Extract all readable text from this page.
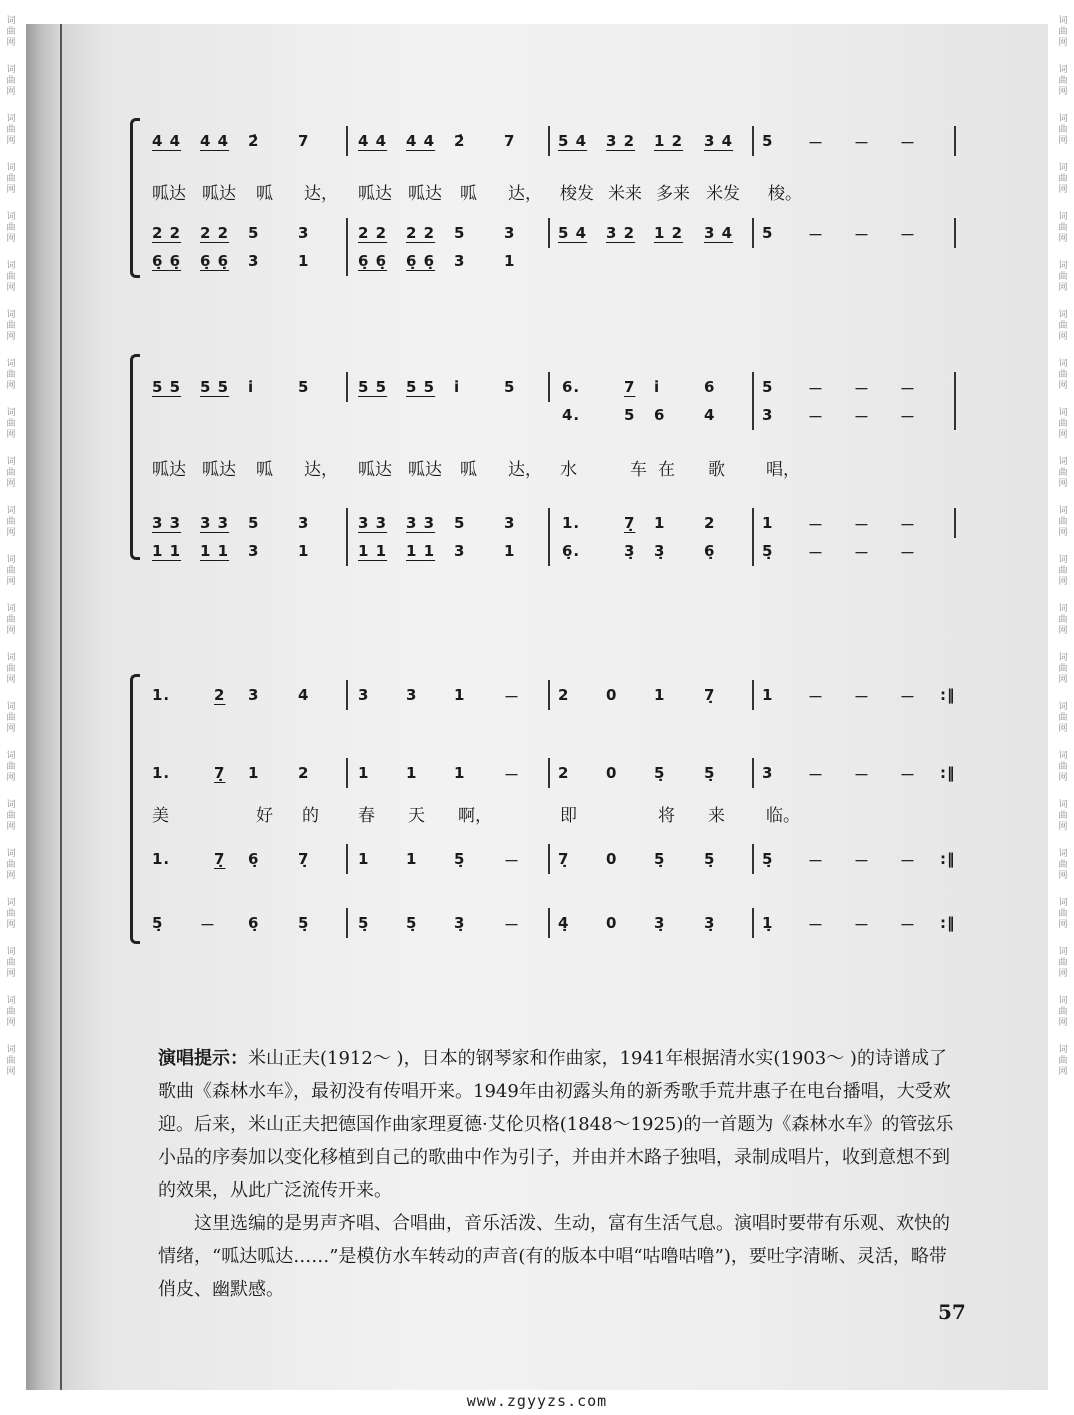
词曲网
词曲网
词曲网
词曲网
词曲网
词曲网
词曲网
词曲网
词曲网
词曲网
词曲网
词曲网
词曲网
词曲网
词曲网
词曲网
词曲网
词曲网
词曲网
词曲网
词曲网
词曲网
词曲网
词曲网
词曲网
词曲网
词曲网
词曲网
词曲网
词曲网
词曲网
词曲网
词曲网
词曲网
词曲网
词曲网
词曲网
词曲网
词曲网
词曲网
词曲网
词曲网
词曲网
词曲网
4 4 4 4 2̇	7	4 4 4 4 2̇	7	5 4 3 2 1 2 3 4 5 － － －
呱达 呱达 呱 达， 呱达 呱达 呱 达， 梭发 米来 多来 米发 梭。
2 2 2 2 5	3	2 2 2 2 5	3	5 4 3 2 1 2 3 4 5 － － －
6̣ 6̣ 6̣ 6̣ 3	1	6̣ 6̣ 6̣ 6̣ 3	1
5 5 5 5 i̇	5	5 5 5 5 i̇	5	6.	7 i̇	6	5 － － －
4.	5 6	4	3 － － －
呱达 呱达 呱 达， 呱达 呱达 呱 达， 水	车 在 歌 唱，
3 3 3 3 5	3	3 3 3 3 5	3	1.	7̣ 1	2	1 － － －
1 1 1 1 3	1	1 1 1 1 3	1	6̣.	3̣ 3̣	6̣	5̣ － － －
1.	2 3	4	3 3 1	－	2 0 1	7̣	1 － － － :‖
1.	7̣ 1	2	1 1 1	－	2 0 5̣	5̣	3 － － － :‖
美	好 的 春 天 啊，	即	将 来 临。
1.	7̣ 6̣	7̣	1 1 5̣	－	7̣ 0 5̣	5̣	5̣ － － － :‖
5̣ － 6̣	5̣	5̣ 5̣ 3̣	－	4̣ 0 3̣	3̣	1̣ － － － :‖

演唱提示：米山正夫(1912～ )，日本的钢琴家和作曲家，1941年根据清水实(1903～ )的诗谱成了歌曲《森林水车》，最初没有传唱开来。1949年由初露头角的新秀歌手荒井惠子在电台播唱，大受欢迎。后来，米山正夫把德国作曲家理夏德·艾伦贝格(1848～1925)的一首题为《森林水车》的管弦乐小品的序奏加以变化移植到自己的歌曲中作为引子，并由并木路子独唱，录制成唱片，收到意想不到的效果，从此广泛流传开来。

这里选编的是男声齐唱、合唱曲，音乐活泼、生动，富有生活气息。演唱时要带有乐观、欢快的情绪，“呱达呱达……”是模仿水车转动的声音(有的版本中唱“咕噜咕噜”)，要吐字清晰、灵活，略带俏皮、幽默感。

57
www.zgyyzs.com
